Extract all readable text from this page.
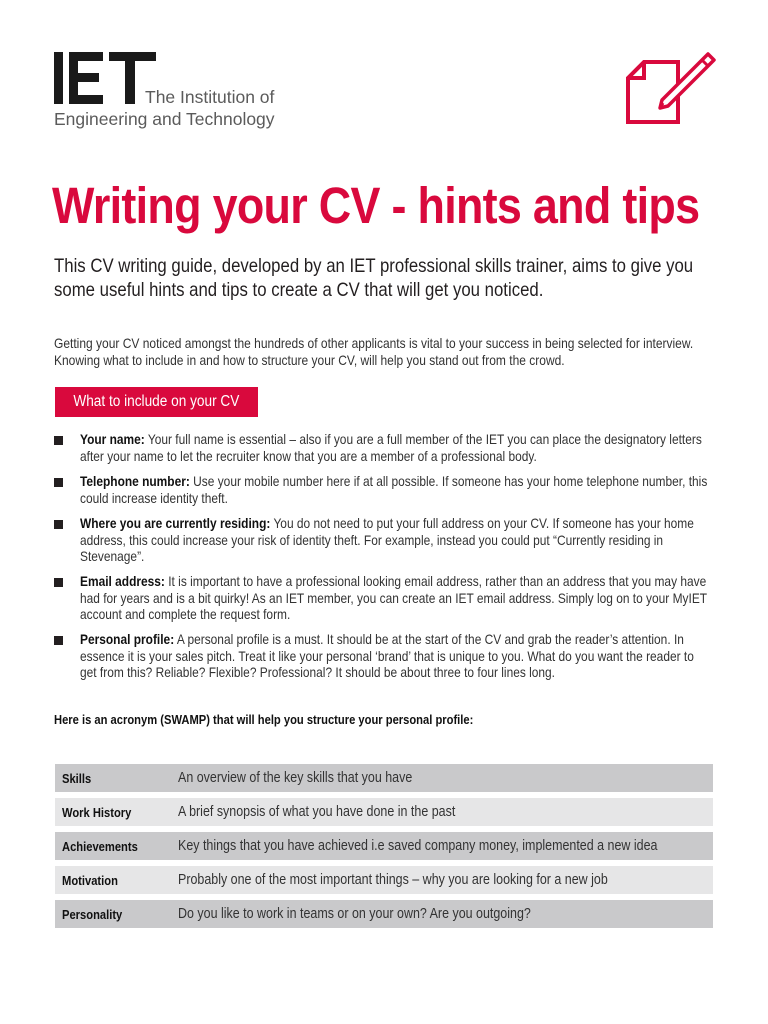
The Institution of

Engineering and Technology

Writing your CV - hints and tips

This CV writing guide, developed by an IET professional skills trainer, aims to give you some useful hints and tips to create a CV that will get you noticed.

Getting your CV noticed amongst the hundreds of other applicants is vital to your success in being selected for interview. Knowing what to include in and how to structure your CV, will help you stand out from the crowd.

What to include on your CV

Your name: Your full name is essential – also if you are a full member of the IET you can place the designatory letters after your name to let the recruiter know that you are a member of a professional body.

Telephone number: Use your mobile number here if at all possible. If someone has your home telephone number, this could increase identity theft.

Where you are currently residing: You do not need to put your full address on your CV. If someone has your home address, this could increase your risk of identity theft. For example, instead you could put “Currently residing in Stevenage”.

Email address: It is important to have a professional looking email address, rather than an address that you may have had for years and is a bit quirky! As an IET member, you can create an IET email address. Simply log on to your MyIET account and complete the request form.

Personal profile: A personal profile is a must. It should be at the start of the CV and grab the reader’s attention. In essence it is your sales pitch. Treat it like your personal ‘brand’ that is unique to you. What do you want the reader to get from this? Reliable? Flexible? Professional? It should be about three to four lines long.

Here is an acronym (SWAMP) that will help you structure your personal profile:

Skills	An overview of the key skills that you have

Work History	A brief synopsis of what you have done in the past

Achievements	Key things that you have achieved i.e saved company money, implemented a new idea

Motivation	Probably one of the most important things – why you are looking for a new job

Personality	Do you like to work in teams or on your own? Are you outgoing?
